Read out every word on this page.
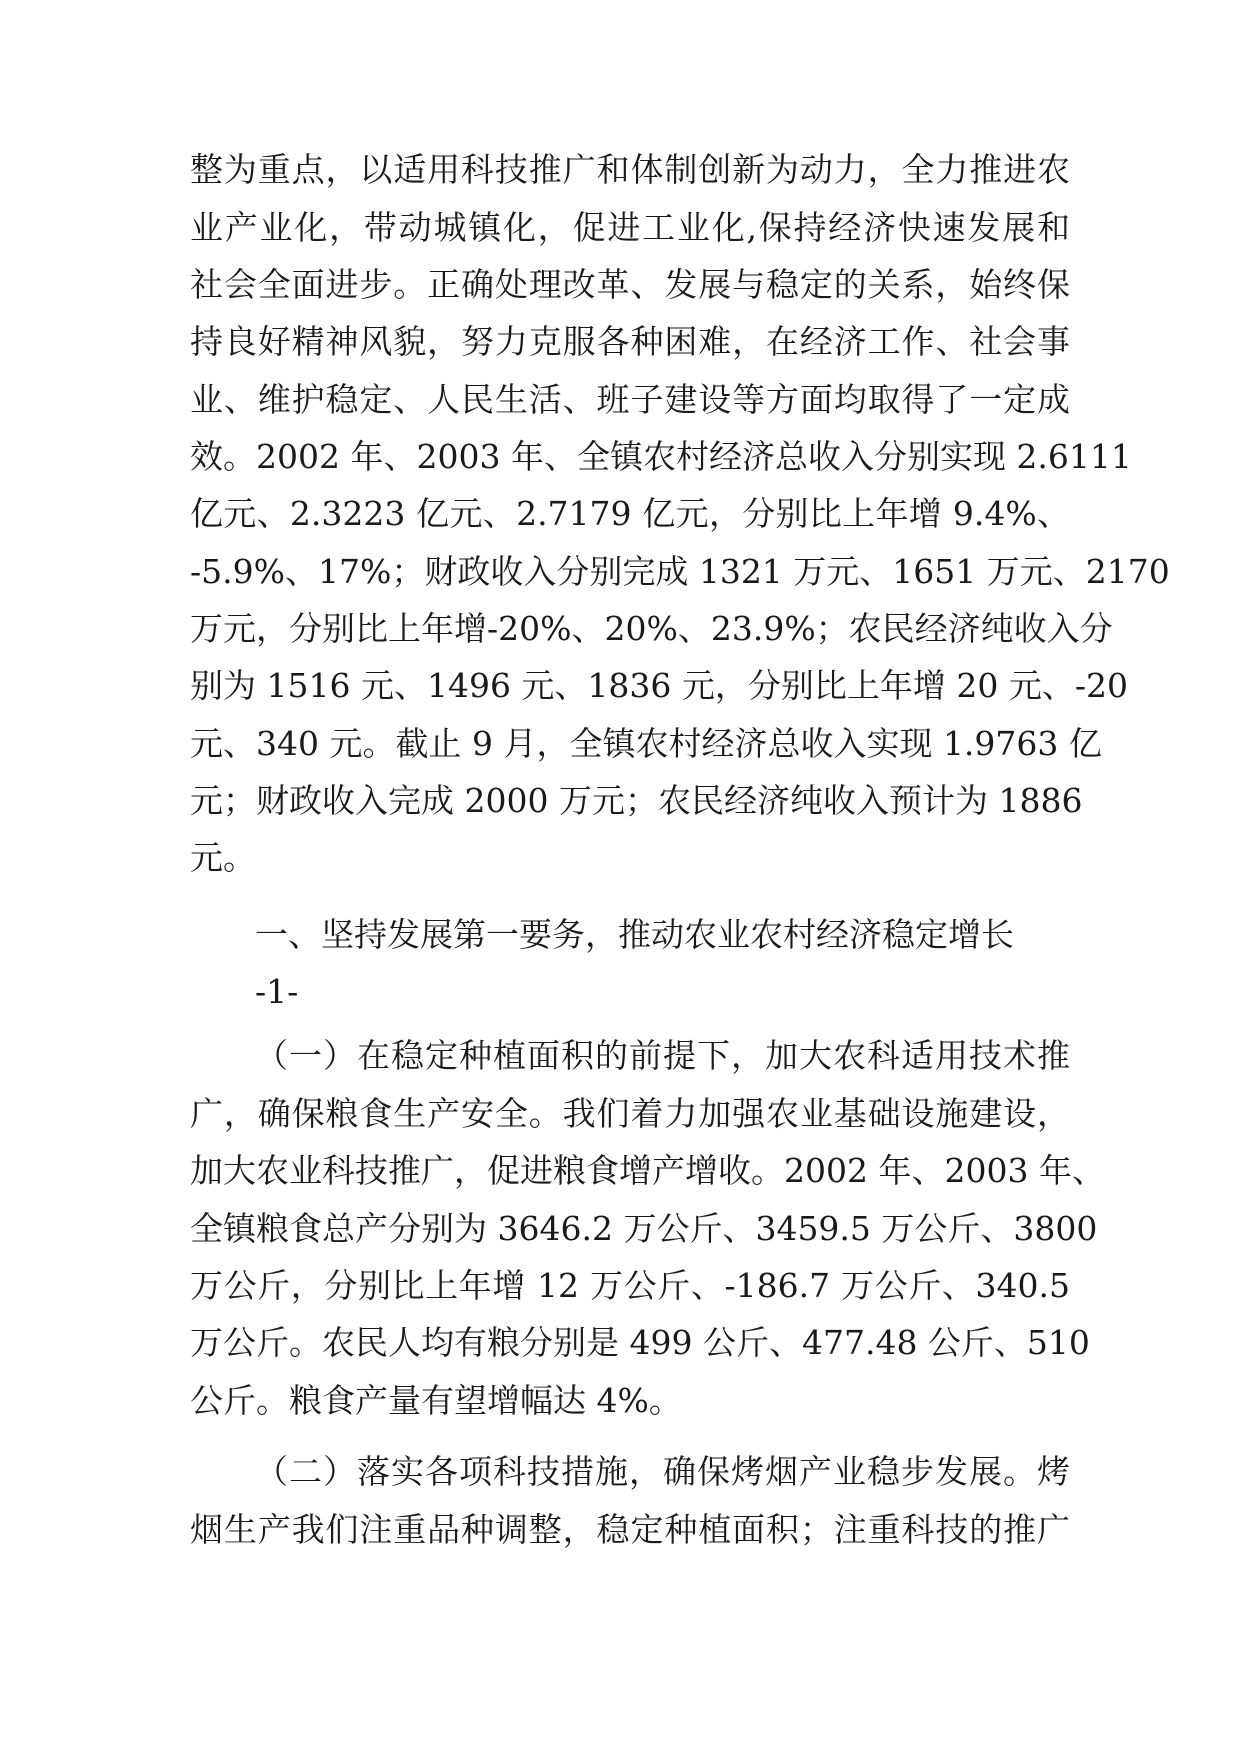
整为重点，以适用科技推广和体制创新为动力，全力推进农
业产业化，带动城镇化，促进工业化,保持经济快速发展和
社会全面进步。正确处理改革、发展与稳定的关系，始终保
持良好精神风貌，努力克服各种困难，在经济工作、社会事
业、维护稳定、人民生活、班子建设等方面均取得了一定成
效。2002 年、2003 年、全镇农村经济总收入分别实现 2.6111
亿元、2.3223 亿元、2.7179 亿元，分别比上年增 9.4%、
-5.9%、17%；财政收入分别完成 1321 万元、1651 万元、2170
万元，分别比上年增-20%、20%、23.9%；农民经济纯收入分
别为 1516 元、1496 元、1836 元，分别比上年增 20 元、-20
元、340 元。截止 9 月，全镇农村经济总收入实现 1.9763 亿
元；财政收入完成 2000 万元；农民经济纯收入预计为 1886
元。
一、坚持发展第一要务，推动农业农村经济稳定增长
-1-
（一）在稳定种植面积的前提下，加大农科适用技术推
广，确保粮食生产安全。我们着力加强农业基础设施建设，
加大农业科技推广，促进粮食增产增收。2002 年、2003 年、
全镇粮食总产分别为 3646.2 万公斤、3459.5 万公斤、3800
万公斤，分别比上年增 12 万公斤、-186.7 万公斤、340.5
万公斤。农民人均有粮分别是 499 公斤、477.48 公斤、510
公斤。粮食产量有望增幅达 4%。
（二）落实各项科技措施，确保烤烟产业稳步发展。烤
烟生产我们注重品种调整，稳定种植面积；注重科技的推广
